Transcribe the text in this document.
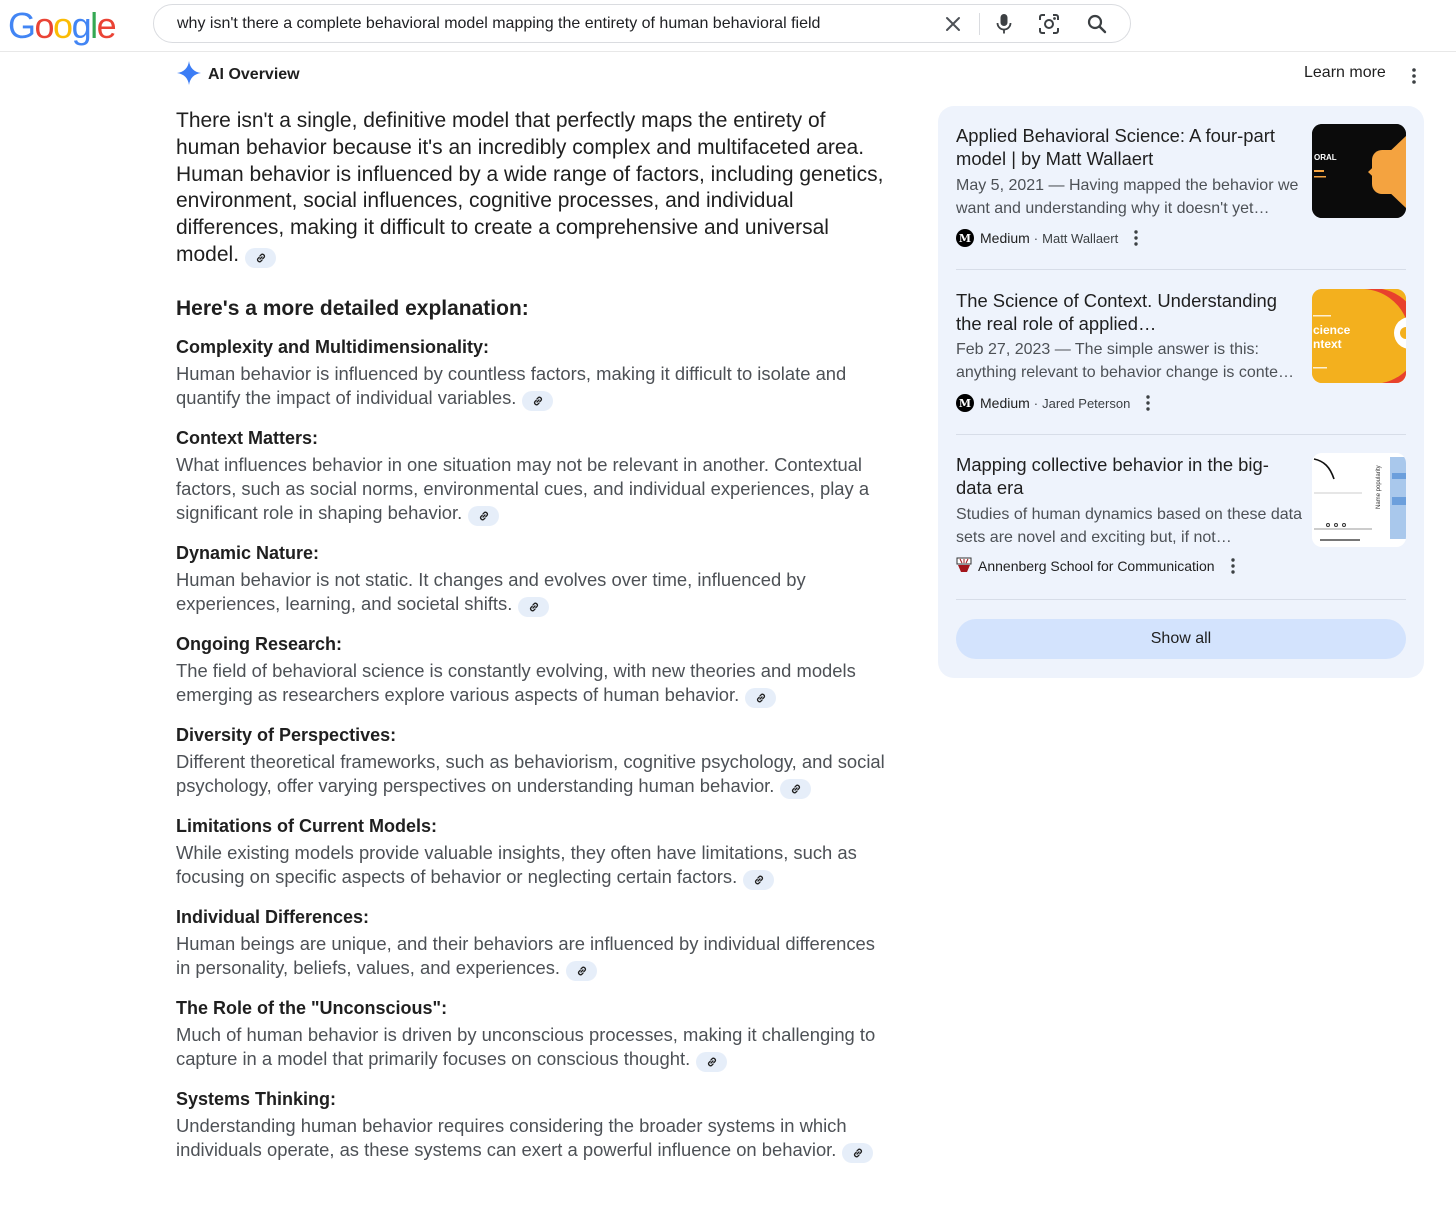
Google	why isn't there a complete behavioral model mapping the entirety of human behavioral field
AI Overview	Learn more

There isn't a single, definitive model that perfectly maps the entirety of human behavior because it's an incredibly complex and multifaceted area. Human behavior is influenced by a wide range of factors, including genetics, environment, social influences, cognitive processes, and individual differences, making it difficult to create a comprehensive and universal model.

Here's a more detailed explanation:
Complexity and Multidimensionality:
Human behavior is influenced by countless factors, making it difficult to isolate and quantify the impact of individual variables.
Context Matters:
What influences behavior in one situation may not be relevant in another. Contextual factors, such as social norms, environmental cues, and individual experiences, play a significant role in shaping behavior.
Dynamic Nature:
Human behavior is not static. It changes and evolves over time, influenced by experiences, learning, and societal shifts.
Ongoing Research:
The field of behavioral science is constantly evolving, with new theories and models emerging as researchers explore various aspects of human behavior.
Diversity of Perspectives:
Different theoretical frameworks, such as behaviorism, cognitive psychology, and social psychology, offer varying perspectives on understanding human behavior.
Limitations of Current Models:
While existing models provide valuable insights, they often have limitations, such as focusing on specific aspects of behavior or neglecting certain factors.
Individual Differences:
Human beings are unique, and their behaviors are influenced by individual differences in personality, beliefs, values, and experiences.
The Role of the "Unconscious":
Much of human behavior is driven by unconscious processes, making it challenging to capture in a model that primarily focuses on conscious thought.
Systems Thinking:
Understanding human behavior requires considering the broader systems in which individuals operate, as these systems can exert a powerful influence on behavior.
Applied Behavioral Science: A four-part model | by Matt Wallaert
May 5, 2021 — Having mapped the behavior we want and understanding why it doesn't yet…
M Medium · Matt Wallaert
ORAL
The Science of Context. Understanding the real role of applied…
Feb 27, 2023 — The simple answer is this: anything relevant to behavior change is conte…
M Medium · Jared Peterson
cience
ntext
Mapping collective behavior in the big-data era
Studies of human dynamics based on these data sets are novel and exciting but, if not…
Annenberg School for Communication
Name popularity
Show all
